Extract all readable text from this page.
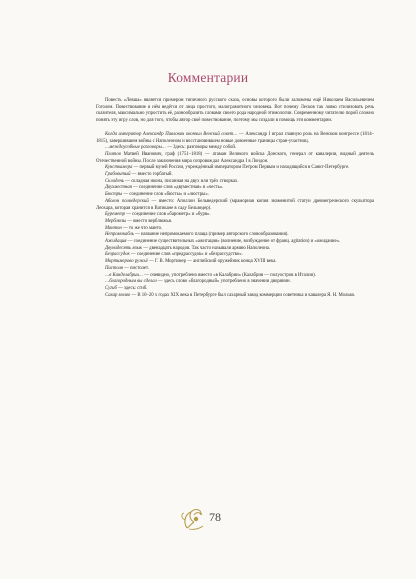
Комментарии

Повесть «Левша» является примером типичного русского сказа, основы которого были заложены ещё Николаем Васильевичем Гоголем. Повествование в нём ведётся от лица простого, малограмотного человека. Вот почему Лесков так ловко стилизовать речь сказителя, максимально упростить её, разнообразить словами своего рода народной этимологии. Современному читателю порой сложно понять эту игру слов, но для того, чтобы автор своё повествование, поэтому мы создали в помощь эти комментарии.

Когда император Александр Павлович окончил Венский совет… — Александр I играл главную роль на Венском конгрессе (1814–1815), завершившем войны с Наполеоном и восстановившем новые довоенные границы стран-участниц.

…междоусобные разговоры… — Здесь: разговоры между собой.

Платов Матвей Иванович, граф (1751–1818) — атаман Великого войска Донского, генерал от кавалерии, видный деятель Отечественной войны. После заключения мира сопровождал Александра I в Лондон.

Кунсткамера — первый музей России, учреждённый императором Петром Первым и находящийся в Санкт-Петербурге.

Грабовитый — вместо горбатый.

Складень — складная икона, писанная на двух или трёх створках.

Двухместная — соединение слов «двуместная» и «честь».

Бюстры — соединение слов «бюсты» и «люстры».

Аболон полведерский — вместо: Аполлон Бельведерский (мраморная копия знаменитой статуи древнегреческого скульптора Леохара, которая хранится в Ватикане в саду Бельведер).

Буреметр — соединение слов «барометр» и «буря».

Мерблюзы — вместо верблюжья.

Мантон — то же что манто.

Непромокабль — название непромокаемого плаща (пример авторского словообразования).

Ажидация — соединение существительных «ажитация» (волнение, возбуждение от франц. agitation) и «ожидание».

Двунадесять язык — двенадцать народов. Так часто называли армию Наполеона.

Безрассудок — соединение слов «предрассудок» и «безрассудство».

Мортимерово ружьё — Г. В. Мортимер — английский оружейник конца XVIII века.

Пистоля — пистолет.

…в Канделабрии… — очевидно, употреблено вместо «в Калабрии» (Калабрия — полуостров в Италии).

…благородным вы сделал — здесь слово «благородный» употреблено в значении дворянин.

Сугиб — здесь: сгиб.

Сахар молво — В 10–20 х годах XIX века в Петербурге был сахарный завод коммерции советника и кавалера Я. Н. Мольво.

78
